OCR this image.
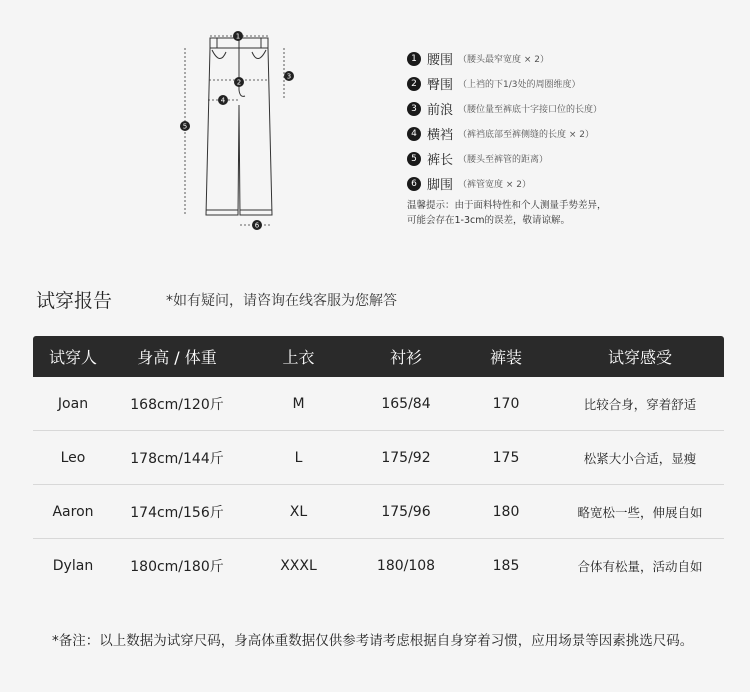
1
2
3
4
5
6
1 腰围 （腰头最窄宽度 × 2）
2 臀围 （上裆的下1/3处的周圈维度）
3 前浪 （腰位量至裤底十字接口位的长度）
4 横裆 （裤裆底部至裤侧缝的长度 × 2）
5 裤长 （腰头至裤管的距离）
6 脚围 （裤管宽度 × 2）
温馨提示：由于面料特性和个人测量手势差异，
可能会存在1-3cm的误差，敬请谅解。
试穿报告	*如有疑问，请咨询在线客服为您解答
试穿人	身高 / 体重	上衣	衬衫	裤装	试穿感受
Joan	168cm/120斤	M	165/84	170	比较合身，穿着舒适
Leo	178cm/144斤	L	175/92	175	松紧大小合适，显瘦
Aaron	174cm/156斤	XL	175/96	180	略宽松一些，伸展自如
Dylan	180cm/180斤	XXXL	180/108	185	合体有松量，活动自如
*备注：以上数据为试穿尺码，身高体重数据仅供参考请考虑根据自身穿着习惯，应用场景等因素挑选尺码。
